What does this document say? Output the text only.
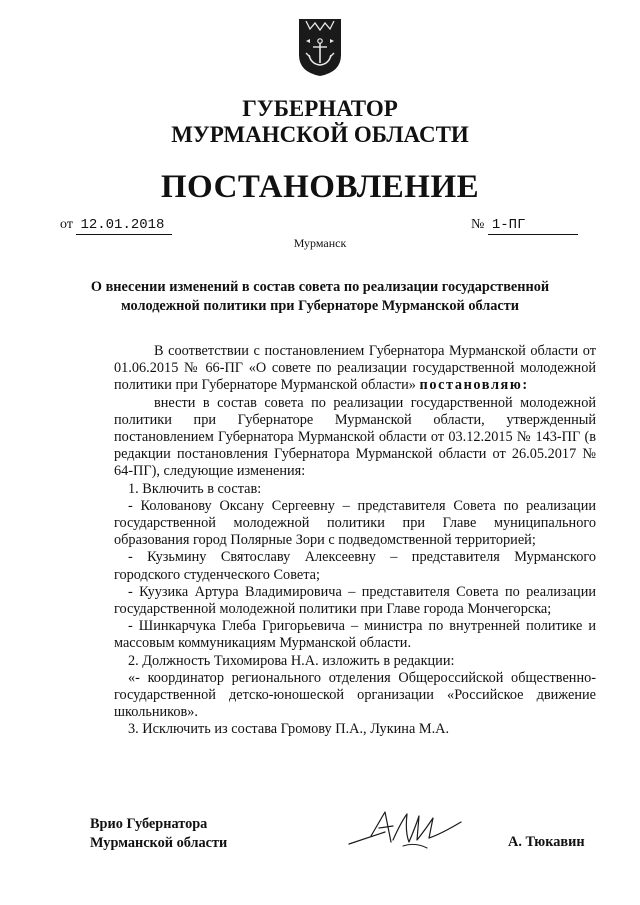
ГУБЕРНАТОР
МУРМАНСКОЙ ОБЛАСТИ
ПОСТАНОВЛЕНИЕ
от 12.01.2018	№ 1-ПГ
Мурманск
О внесении изменений в состав совета по реализации государственной молодежной политики при Губернаторе Мурманской области

В соответствии с постановлением Губернатора Мурманской области от 01.06.2015 № 66-ПГ «О совете по реализации государственной молодежной политики при Губернаторе Мурманской области» постановляю:

внести в состав совета по реализации государственной молодежной политики при Губернаторе Мурманской области, утвержденный постановлением Губернатора Мурманской области от 03.12.2015 № 143-ПГ (в редакции постановления Губернатора Мурманской области от 26.05.2017 № 64-ПГ), следующие изменения:

1. Включить в состав:

- Колованову Оксану Сергеевну – представителя Совета по реализации государственной молодежной политики при Главе муниципального образования город Полярные Зори с подведомственной территорией;

- Кузьмину Святославу Алексеевну – представителя Мурманского городского студенческого Совета;

- Куузика Артура Владимировича – представителя Совета по реализации государственной молодежной политики при Главе города Мончегорска;

- Шинкарчука Глеба Григорьевича – министра по внутренней политике и массовым коммуникациям Мурманской области.

2. Должность Тихомирова Н.А. изложить в редакции:

«- координатор регионального отделения Общероссийской общественно-государственной детско-юношеской организации «Российское движение школьников».

3. Исключить из состава Громову П.А., Лукина М.А.

Врио Губернатора
Мурманской области	А. Тюкавин
